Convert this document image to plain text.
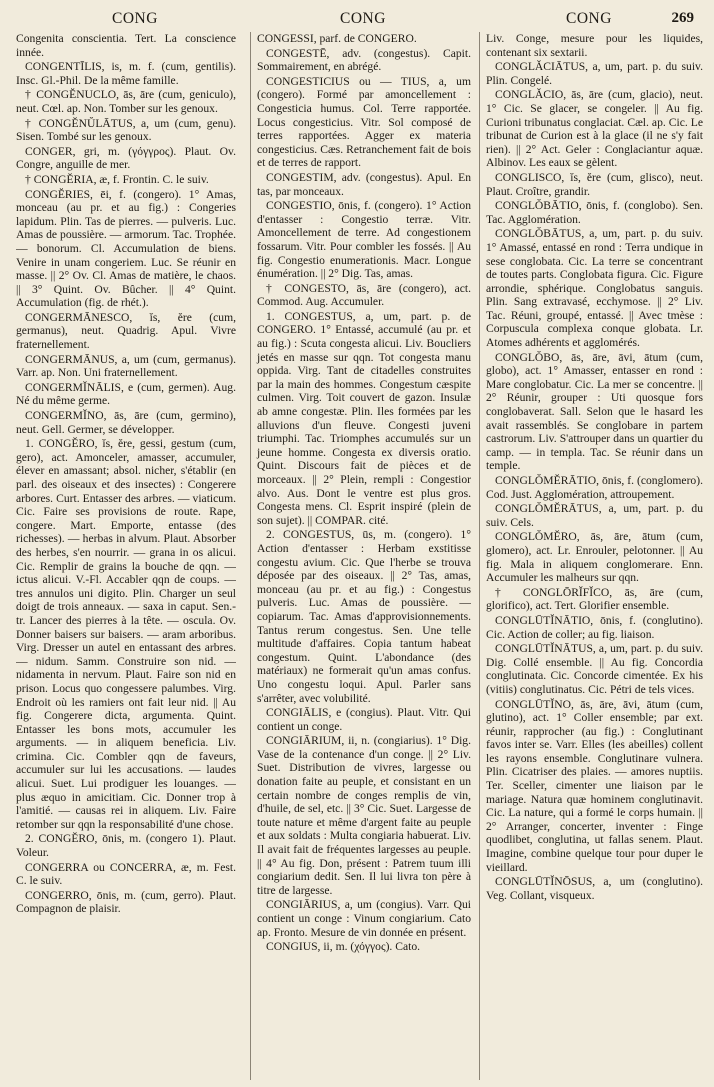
CONG	CONG	CONG	269

Congenita conscientia. Tert. La conscience innée.

CONGENTĪLIS, is, m. f. (cum, gentilis). Insc. Gl.-Phil. De la même famille.

† CONGĔNUCLO, ās, āre (cum, geniculo), neut. Cœl. ap. Non. Tomber sur les genoux.

† CONGĔNŬLĀTUS, a, um (cum, genu). Sisen. Tombé sur les genoux.

CONGER, gri, m. (γόγγρος). Plaut. Ov. Congre, anguille de mer.

† CONGĔRIA, æ, f. Frontin. C. le suiv.

CONGĔRIES, ēi, f. (congero). 1° Amas, monceau (au pr. et au fig.) : Congeries lapidum. Plin. Tas de pierres. — pulveris. Luc. Amas de poussière. — armorum. Tac. Trophée. — bonorum. Cl. Accumulation de biens. Venire in unam congeriem. Luc. Se réunir en masse. || 2° Ov. Cl. Amas de matière, le chaos. || 3° Quint. Ov. Bûcher. || 4° Quint. Accumulation (fig. de rhét.).

CONGERMĀNESCO, ĭs, ĕre (cum, germanus), neut. Quadrig. Apul. Vivre fraternellement.

CONGERMĀNUS, a, um (cum, germanus). Varr. ap. Non. Uni fraternellement.

CONGERMĬNĀLIS, e (cum, germen). Aug. Né du même germe.

CONGERMĬNO, ās, āre (cum, germino), neut. Gell. Germer, se développer.

1. CONGĔRO, ĭs, ĕre, gessi, gestum (cum, gero), act. Amonceler, amasser, accumuler, élever en amassant; absol. nicher, s'établir (en parl. des oiseaux et des insectes) : Congerere arbores. Curt. Entasser des arbres. — viaticum. Cic. Faire ses provisions de route. Rape, congere. Mart. Emporte, entasse (des richesses). — herbas in alvum. Plaut. Absorber des herbes, s'en nourrir. — grana in os alicui. Cic. Remplir de grains la bouche de qqn. — ictus alicui. V.-Fl. Accabler qqn de coups. — tres annulos uni digito. Plin. Charger un seul doigt de trois anneaux. — saxa in caput. Sen.-tr. Lancer des pierres à la tête. — oscula. Ov. Donner baisers sur baisers. — aram arboribus. Virg. Dresser un autel en entassant des arbres. — nidum. Samm. Construire son nid. — nidamenta in nervum. Plaut. Faire son nid en prison. Locus quo congessere palumbes. Virg. Endroit où les ramiers ont fait leur nid. || Au fig. Congerere dicta, argumenta. Quint. Entasser les bons mots, accumuler les arguments. — in aliquem beneficia. Liv. crimina. Cic. Combler qqn de faveurs, accumuler sur lui les accusations. — laudes alicui. Suet. Lui prodiguer les louanges. — plus æquo in amicitiam. Cic. Donner trop à l'amitié. — causas rei in aliquem. Liv. Faire retomber sur qqn la responsabilité d'une chose.

2. CONGĔRO, ōnis, m. (congero 1). Plaut. Voleur.

CONGERRA ou CONCERRA, æ, m. Fest. C. le suiv.

CONGERRO, ōnis, m. (cum, gerro). Plaut. Compagnon de plaisir.

CONGESSI, parf. de CONGERO.

CONGESTĒ, adv. (congestus). Capit. Sommairement, en abrégé.

CONGESTICIUS ou — TIUS, a, um (congero). Formé par amoncellement : Congesticia humus. Col. Terre rapportée. Locus congesticius. Vitr. Sol composé de terres rapportées. Agger ex materia congesticius. Cæs. Retranchement fait de bois et de terres de rapport.

CONGESTIM, adv. (congestus). Apul. En tas, par monceaux.

CONGESTIO, ōnis, f. (congero). 1° Action d'entasser : Congestio terræ. Vitr. Amoncellement de terre. Ad congestionem fossarum. Vitr. Pour combler les fossés. || Au fig. Congestio enumerationis. Macr. Longue énumération. || 2° Dig. Tas, amas.

† CONGESTO, ās, āre (congero), act. Commod. Aug. Accumuler.

1. CONGESTUS, a, um, part. p. de CONGERO. 1° Entassé, accumulé (au pr. et au fig.) : Scuta congesta alicui. Liv. Boucliers jetés en masse sur qqn. Tot congesta manu oppida. Virg. Tant de citadelles construites par la main des hommes. Congestum cæspite culmen. Virg. Toit couvert de gazon. Insulæ ab amne congestæ. Plin. Iles formées par les alluvions d'un fleuve. Congesti juveni triumphi. Tac. Triomphes accumulés sur un jeune homme. Congesta ex diversis oratio. Quint. Discours fait de pièces et de morceaux. || 2° Plein, rempli : Congestior alvo. Aus. Dont le ventre est plus gros. Congesta mens. Cl. Esprit inspiré (plein de son sujet). || COMPAR. cité.

2. CONGESTUS, ūs, m. (congero). 1° Action d'entasser : Herbam exstitisse congestu avium. Cic. Que l'herbe se trouva déposée par des oiseaux. || 2° Tas, amas, monceau (au pr. et au fig.) : Congestus pulveris. Luc. Amas de poussière. — copiarum. Tac. Amas d'approvisionnements. Tantus rerum congestus. Sen. Une telle multitude d'affaires. Copia tantum habeat congestum. Quint. L'abondance (des matériaux) ne formerait qu'un amas confus. Uno congestu loqui. Apul. Parler sans s'arrêter, avec volubilité.

CONGIĀLIS, e (congius). Plaut. Vitr. Qui contient un conge.

CONGIĀRIUM, ii, n. (congiarius). 1° Dig. Vase de la contenance d'un conge. || 2° Liv. Suet. Distribution de vivres, largesse ou donation faite au peuple, et consistant en un certain nombre de conges remplis de vin, d'huile, de sel, etc. || 3° Cic. Suet. Largesse de toute nature et même d'argent faite au peuple et aux soldats : Multa congiaria habuerat. Liv. Il avait fait de fréquentes largesses au peuple. || 4° Au fig. Don, présent : Patrem tuum illi congiarium dedit. Sen. Il lui livra ton père à titre de largesse.

CONGIĀRIUS, a, um (congius). Varr. Qui contient un conge : Vinum congiarium. Cato ap. Fronto. Mesure de vin donnée en présent.

CONGIUS, ii, m. (χόγγος). Cato.

Liv. Conge, mesure pour les liquides, contenant six sextarii.

CONGLĂCIĀTUS, a, um, part. p. du suiv. Plin. Congelé.

CONGLĂCIO, ās, āre (cum, glacio), neut. 1° Cic. Se glacer, se congeler. || Au fig. Curioni tribunatus conglaciat. Cæl. ap. Cic. Le tribunat de Curion est à la glace (il ne s'y fait rien). || 2° Act. Geler : Conglaciantur aquæ. Albinov. Les eaux se gèlent.

CONGLISCO, ĭs, ĕre (cum, glisco), neut. Plaut. Croître, grandir.

CONGLŎBĀTIO, ōnis, f. (conglobo). Sen. Tac. Agglomération.

CONGLŎBĀTUS, a, um, part. p. du suiv. 1° Amassé, entassé en rond : Terra undique in sese conglobata. Cic. La terre se concentrant de toutes parts. Conglobata figura. Cic. Figure arrondie, sphérique. Conglobatus sanguis. Plin. Sang extravasé, ecchymose. || 2° Liv. Tac. Réuni, groupé, entassé. || Avec tmèse : Corpuscula complexa conque globata. Lr. Atomes adhérents et agglomérés.

CONGLŎBO, ās, āre, āvi, ātum (cum, globo), act. 1° Amasser, entasser en rond : Mare conglobatur. Cic. La mer se concentre. || 2° Réunir, grouper : Uti quosque fors conglobaverat. Sall. Selon que le hasard les avait rassemblés. Se conglobare in partem castrorum. Liv. S'attrouper dans un quartier du camp. — in templa. Tac. Se réunir dans un temple.

CONGLŎMĔRĀTIO, ōnis, f. (conglomero). Cod. Just. Agglomération, attroupement.

CONGLŎMĔRĀTUS, a, um, part. p. du suiv. Cels.

CONGLŎMĔRO, ās, āre, ātum (cum, glomero), act. Lr. Enrouler, pelotonner. || Au fig. Mala in aliquem conglomerare. Enn. Accumuler les malheurs sur qqn.

† CONGLŌRĬFĬCO, ās, āre (cum, glorifico), act. Tert. Glorifier ensemble.

CONGLŪTĬNĀTIO, ōnis, f. (conglutino). Cic. Action de coller; au fig. liaison.

CONGLŪTĬNĀTUS, a, um, part. p. du suiv. Dig. Collé ensemble. || Au fig. Concordia conglutinata. Cic. Concorde cimentée. Ex his (vitiis) conglutinatus. Cic. Pétri de tels vices.

CONGLŪTĬNO, ās, āre, āvi, ātum (cum, glutino), act. 1° Coller ensemble; par ext. réunir, rapprocher (au fig.) : Conglutinant favos inter se. Varr. Elles (les abeilles) collent les rayons ensemble. Conglutinare vulnera. Plin. Cicatriser des plaies. — amores nuptiis. Ter. Sceller, cimenter une liaison par le mariage. Natura quæ hominem conglutinavit. Cic. La nature, qui a formé le corps humain. || 2° Arranger, concerter, inventer : Finge quodlibet, conglutina, ut fallas senem. Plaut. Imagine, combine quelque tour pour duper le vieillard.

CONGLŪTĬNŌSUS, a, um (conglutino). Veg. Collant, visqueux.
